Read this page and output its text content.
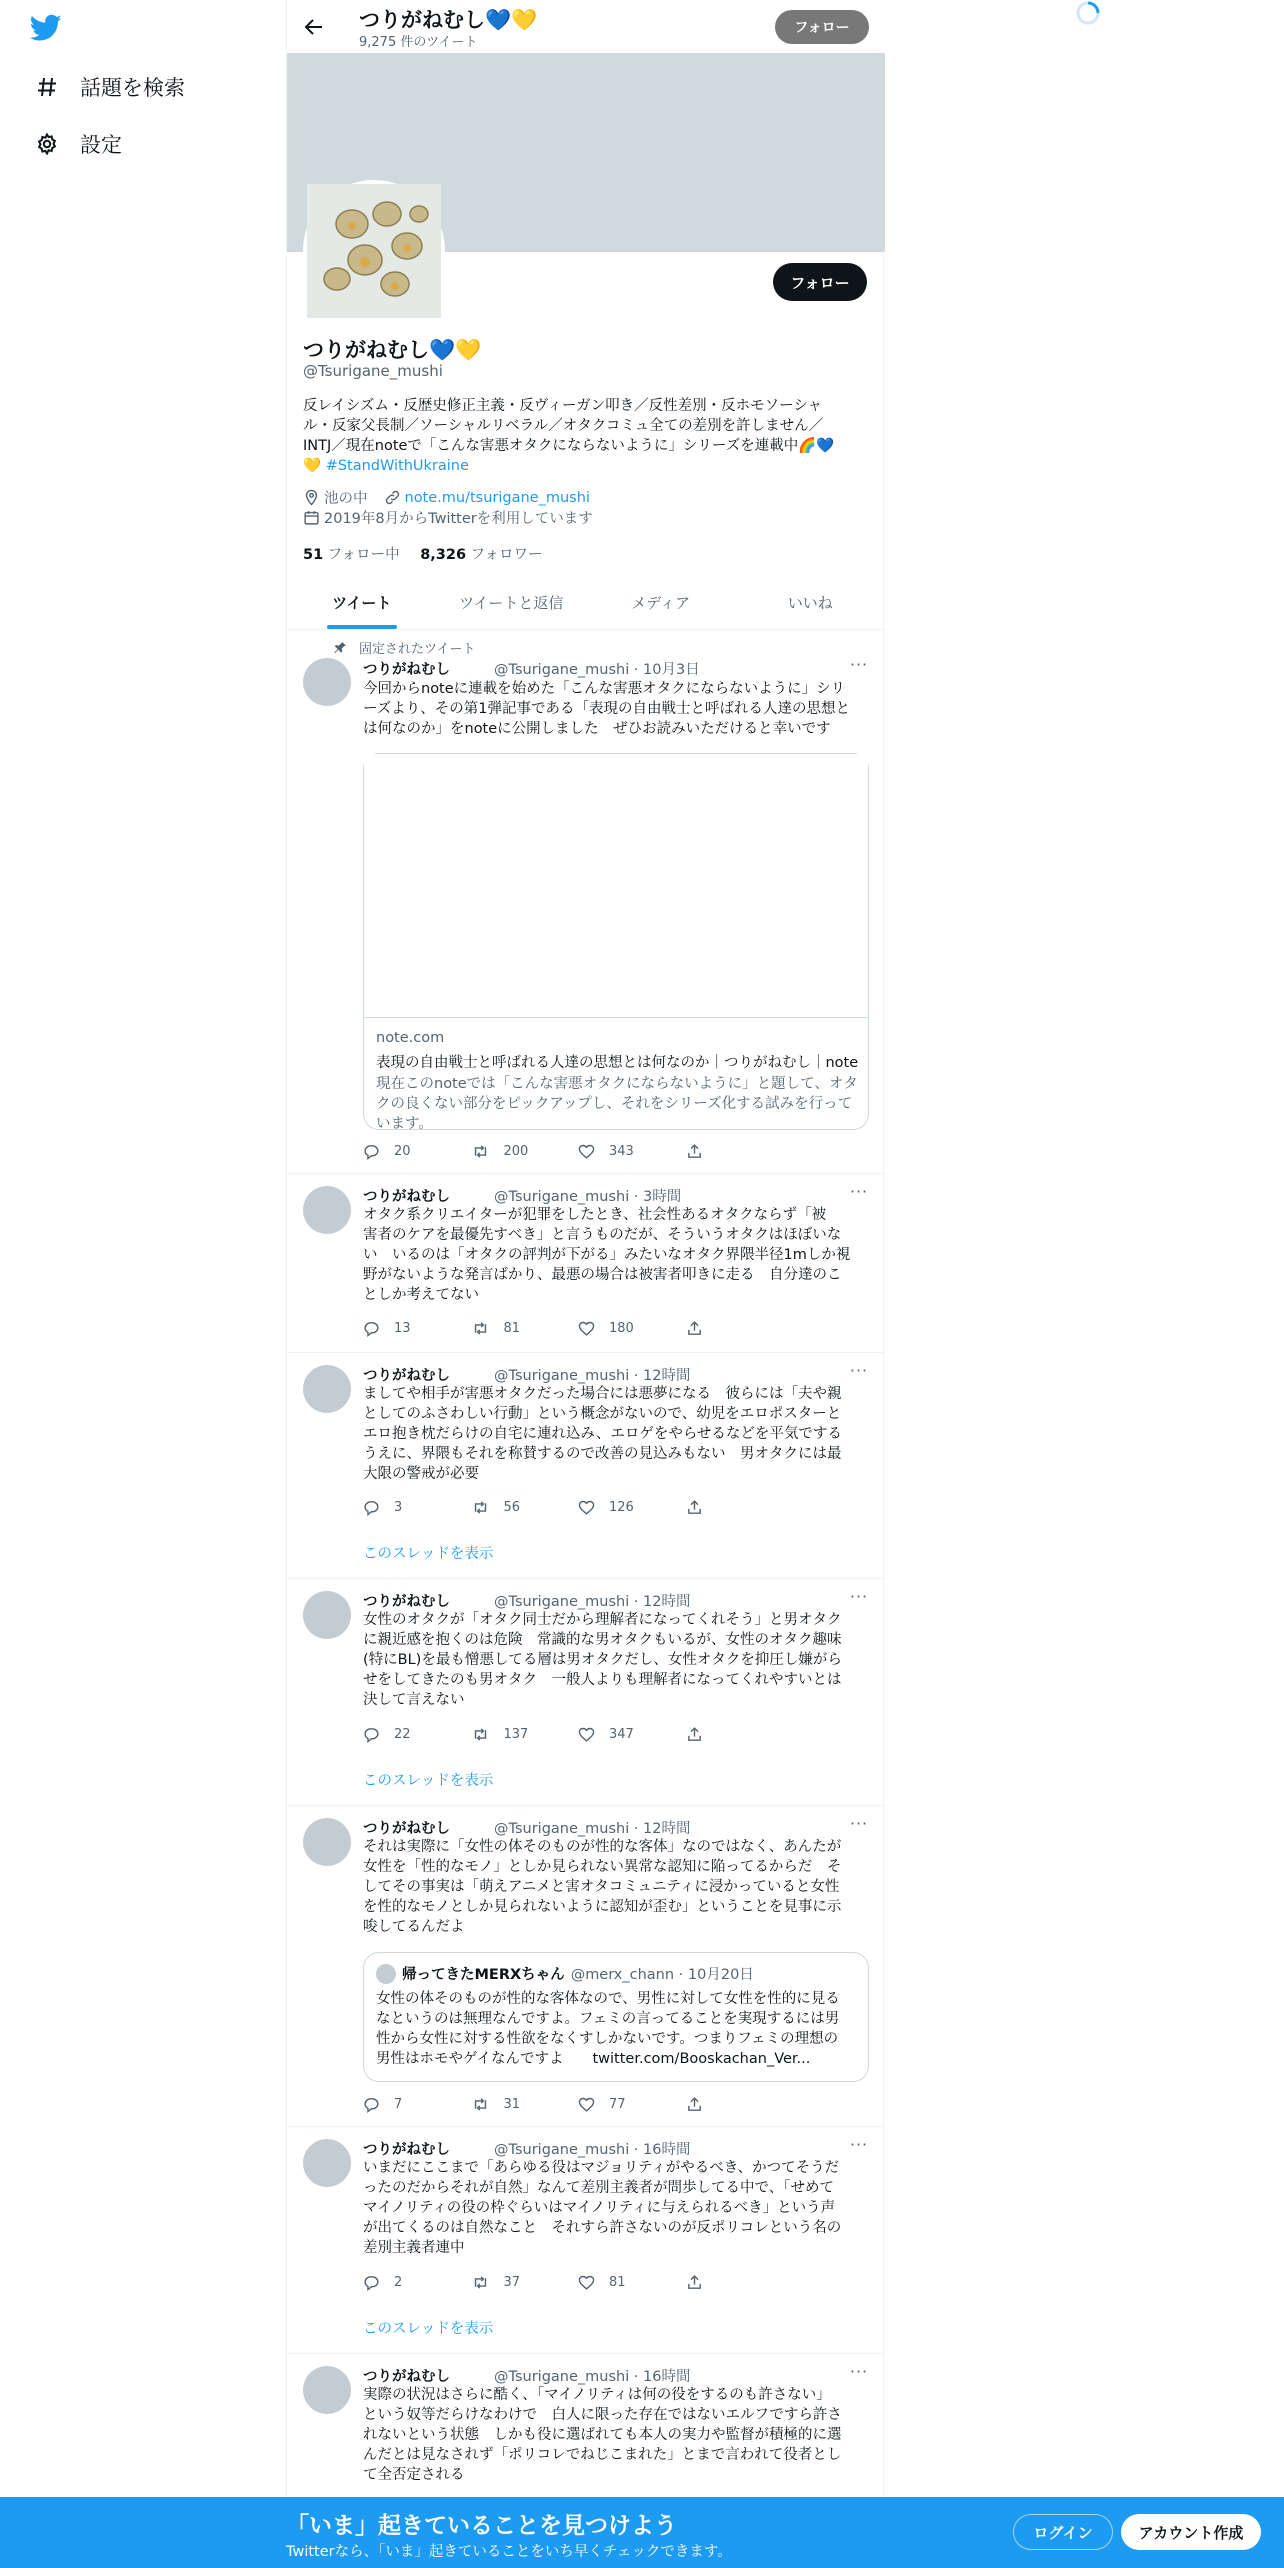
話題を検索
設定
つりがねむし💙💛
9,275 件のツイート
フォロー
フォロー
つりがねむし💙💛
@Tsurigane_mushi
反レイシズム・反歴史修正主義・反ヴィーガン叩き／反性差別・反ホモソーシャ
ル・反家父長制／ソーシャルリベラル／オタクコミュ全ての差別を許しません／
INTJ／現在noteで「こんな害悪オタクにならないように」シリーズを連載中🌈💙
💛 #StandWithUkraine
池の中	note.mu/tsurigane_mushi
2019年8月からTwitterを利用しています
51 フォロー中 8,326 フォロワー
ツイート	ツイートと返信	メディア	いいね
固定されたツイート
つりがねむし	@Tsurigane_mushi · 10月3日	···
今回からnoteに連載を始めた「こんな害悪オタクにならないように」シリ
ーズより、その第1弾記事である「表現の自由戦士と呼ばれる人達の思想と
は何なのか」をnoteに公開しました　ぜひお読みいただけると幸いです
note.com
表現の自由戦士と呼ばれる人達の思想とは何なのか｜つりがねむし｜note
現在このnoteでは「こんな害悪オタクにならないように」と題して、オタクの良くない部分をピックアップし、それをシリーズ化する試みを行っています。
20	200	343
つりがねむし	@Tsurigane_mushi · 3時間	···
オタク系クリエイターが犯罪をしたとき、社会性あるオタクならず「被
害者のケアを最優先すべき」と言うものだが、そういうオタクはほぼいな
い　いるのは「オタクの評判が下がる」みたいなオタク界隈半径1mしか視
野がないような発言ばかり、最悪の場合は被害者叩きに走る　自分達のこ
としか考えてない
13	81	180
つりがねむし	@Tsurigane_mushi · 12時間	···
ましてや相手が害悪オタクだった場合には悪夢になる　彼らには「夫や親
としてのふさわしい行動」という概念がないので、幼児をエロポスターと
エロ抱き枕だらけの自宅に連れ込み、エロゲをやらせるなどを平気でする
うえに、界隈もそれを称賛するので改善の見込みもない　男オタクには最
大限の警戒が必要
3	56	126
このスレッドを表示
つりがねむし	@Tsurigane_mushi · 12時間	···
女性のオタクが「オタク同士だから理解者になってくれそう」と男オタク
に親近感を抱くのは危険　常識的な男オタクもいるが、女性のオタク趣味
(特にBL)を最も憎悪してる層は男オタクだし、女性オタクを抑圧し嫌がら
せをしてきたのも男オタク　一般人よりも理解者になってくれやすいとは
決して言えない
22	137	347
このスレッドを表示
つりがねむし	@Tsurigane_mushi · 12時間	···
それは実際に「女性の体そのものが性的な客体」なのではなく、あんたが
女性を「性的なモノ」としか見られない異常な認知に陥ってるからだ　そ
してその事実は「萌えアニメと害オタコミュニティに浸かっていると女性
を性的なモノとしか見られないように認知が歪む」ということを見事に示
唆してるんだよ
帰ってきたMERXちゃん @merx_chann · 10月20日
女性の体そのものが性的な客体なので、男性に対して女性を性的に見る
なというのは無理なんですよ。フェミの言ってることを実現するには男
性から女性に対する性欲をなくすしかないです。つまりフェミの理想の
男性はホモやゲイなんですよ　　twitter.com/Booskachan_Ver...
7	31	77
つりがねむし	@Tsurigane_mushi · 16時間	···
いまだにここまで「あらゆる役はマジョリティがやるべき、かつてそうだ
ったのだからそれが自然」なんて差別主義者が問歩してる中で、「せめて
マイノリティの役の枠ぐらいはマイノリティに与えられるべき」という声
が出てくるのは自然なこと　それすら許さないのが反ポリコレという名の
差別主義者連中
2	37	81
このスレッドを表示
つりがねむし	@Tsurigane_mushi · 16時間	···
実際の状況はさらに酷く、「マイノリティは何の役をするのも許さない」
という奴等だらけなわけで　白人に限った存在ではないエルフですら許さ
れないという状態　しかも役に選ばれても本人の実力や監督が積極的に選
んだとは見なされず「ポリコレでねじこまれた」とまで言われて役者とし
て全否定される
「いま」起きていることを見つけよう
Twitterなら、「いま」起きていることをいち早くチェックできます。
ログイン	アカウント作成
